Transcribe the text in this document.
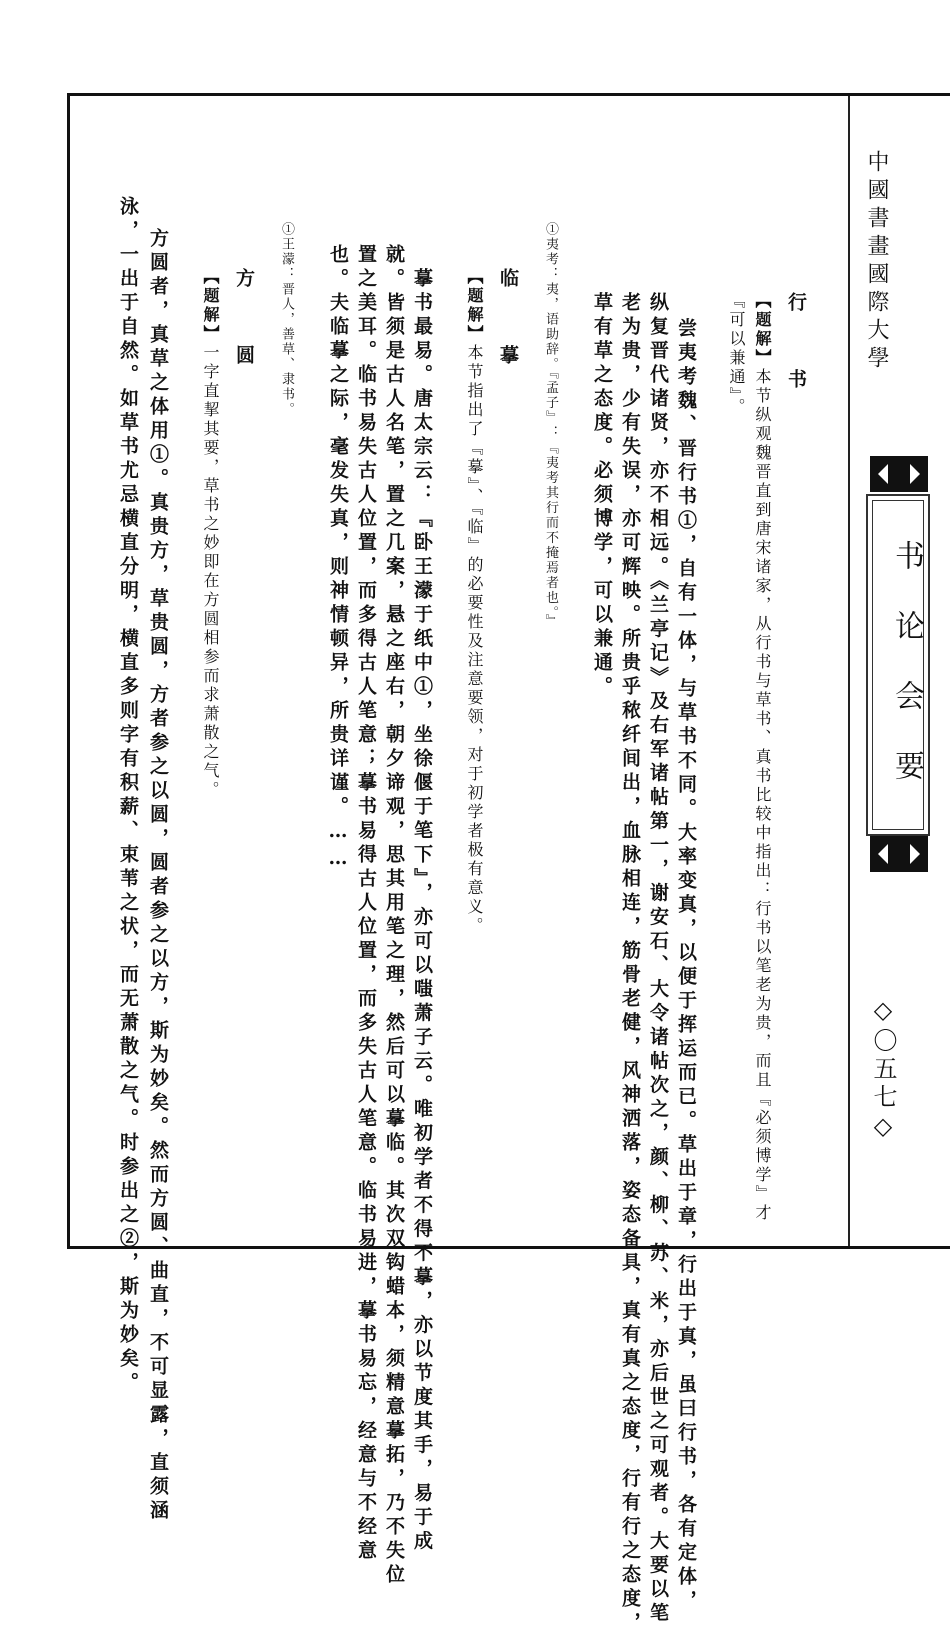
中國書畫國際大學
书论会要
◇〇五七◇
行 书
【题解】本节纵观魏晋直到唐宋诸家，从行书与草书、真书比较中指出：行书以笔老为贵，而且『必须博学』才
『可以兼通』。
尝夷考魏、晋行书①，自有一体，与草书不同。大率变真，以便于挥运而已。草出于章，行出于真，虽曰行书，各有定体，
纵复晋代诸贤，亦不相远。《兰亭记》及右军诸帖第一，谢安石、大令诸帖次之，颜、柳、苏、米，亦后世之可观者。大要以笔
老为贵，少有失误，亦可辉映。所贵乎秾纤间出，血脉相连，筋骨老健，风神洒落，姿态备具，真有真之态度，行有行之态度，
草有草之态度。必须博学，可以兼通。
①夷考：夷，语助辞。『孟子』：『夷考其行而不掩焉者也。』
临 摹
【题解】本节指出了『摹』、『临』的必要性及注意要领，对于初学者极有意义。
摹书最易。唐太宗云：『卧王濛于纸中①，坐徐偃于笔下』，亦可以嗤萧子云。唯初学者不得不摹，亦以节度其手，易于成
就。皆须是古人名笔，置之几案，悬之座右，朝夕谛观，思其用笔之理，然后可以摹临。其次双钩蜡本，须精意摹拓，乃不失位
置之美耳。临书易失古人位置，而多得古人笔意；摹书易得古人位置，而多失古人笔意。临书易进，摹书易忘，经意与不经意
也。夫临摹之际，毫发失真，则神情顿异，所贵详谨。……
①王濛：晋人，善草、隶书。
方 圆
【题解】一字直挈其要，草书之妙即在方圆相参而求萧散之气。
方圆者，真草之体用①。真贵方，草贵圆，方者参之以圆，圆者参之以方，斯为妙矣。然而方圆、曲直，不可显露，直须涵
泳，一出于自然。如草书尤忌横直分明，横直多则字有积薪、束苇之状，而无萧散之气。时参出之②，斯为妙矣。
